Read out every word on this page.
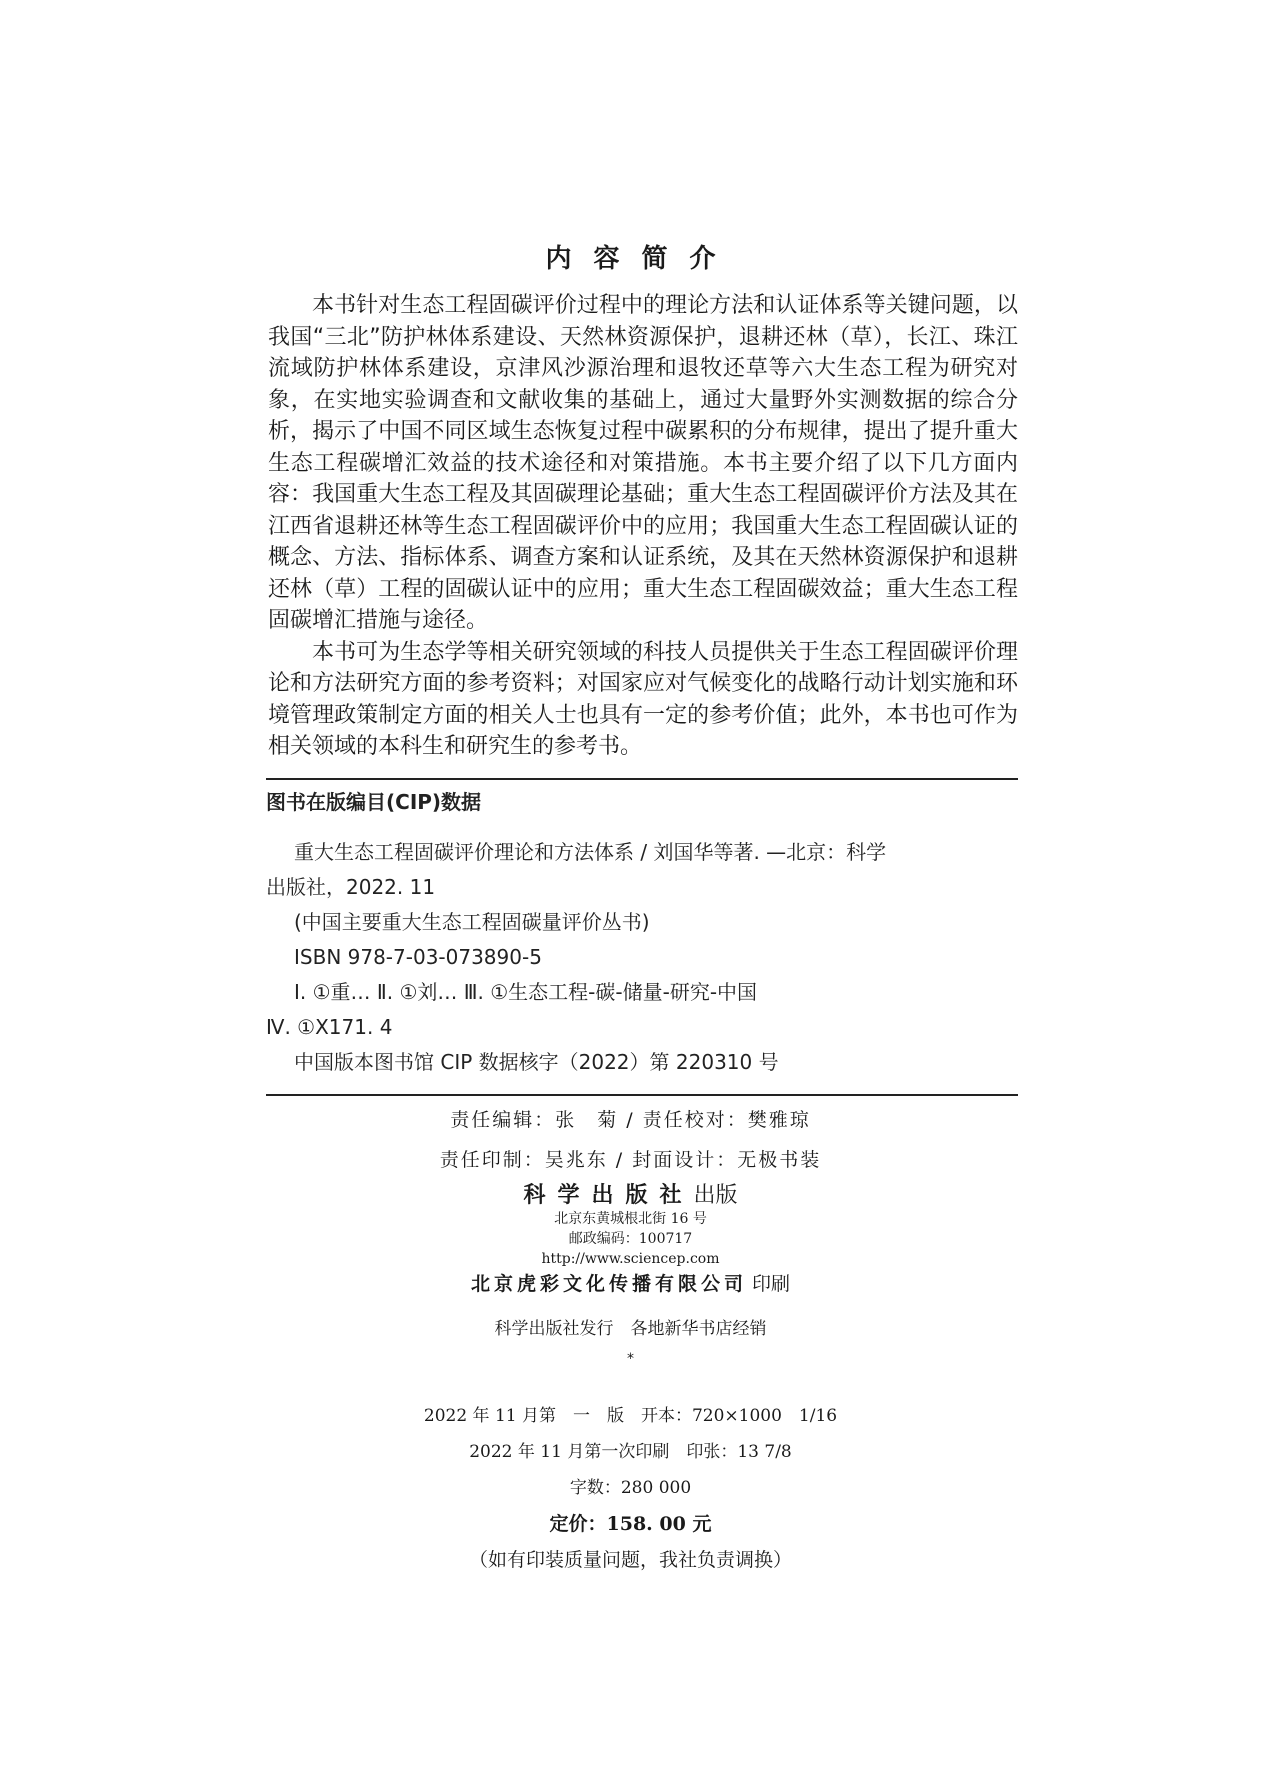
内容简介

本书针对生态工程固碳评价过程中的理论方法和认证体系等关键问题，以我国“三北”防护林体系建设、天然林资源保护，退耕还林（草），长江、珠江流域防护林体系建设，京津风沙源治理和退牧还草等六大生态工程为研究对象，在实地实验调查和文献收集的基础上，通过大量野外实测数据的综合分析，揭示了中国不同区域生态恢复过程中碳累积的分布规律，提出了提升重大生态工程碳增汇效益的技术途径和对策措施。本书主要介绍了以下几方面内容：我国重大生态工程及其固碳理论基础；重大生态工程固碳评价方法及其在江西省退耕还林等生态工程固碳评价中的应用；我国重大生态工程固碳认证的概念、方法、指标体系、调查方案和认证系统，及其在天然林资源保护和退耕还林（草）工程的固碳认证中的应用；重大生态工程固碳效益；重大生态工程固碳增汇措施与途径。

本书可为生态学等相关研究领域的科技人员提供关于生态工程固碳评价理论和方法研究方面的参考资料；对国家应对气候变化的战略行动计划实施和环境管理政策制定方面的相关人士也具有一定的参考价值；此外，本书也可作为相关领域的本科生和研究生的参考书。

图书在版编目(CIP)数据
重大生态工程固碳评价理论和方法体系 / 刘国华等著. —北京：科学
出版社，2022. 11
(中国主要重大生态工程固碳量评价丛书)
ISBN 978-7-03-073890-5
Ⅰ. ①重… Ⅱ. ①刘… Ⅲ. ①生态工程-碳-储量-研究-中国
Ⅳ. ①X171. 4
中国版本图书馆 CIP 数据核字（2022）第 220310 号
责任编辑：张　菊 / 责任校对：樊雅琼
责任印制：吴兆东 / 封面设计：无极书装
科学出版社出版
北京东黄城根北街 16 号
邮政编码：100717
http://www.sciencep.com
北京虎彩文化传播有限公司 印刷
科学出版社发行　各地新华书店经销
*
2022 年 11 月第　一　版　开本：720×1000　1/16
2022 年 11 月第一次印刷　印张：13 7/8
字数：280 000
定价：158. 00 元
（如有印装质量问题，我社负责调换）
